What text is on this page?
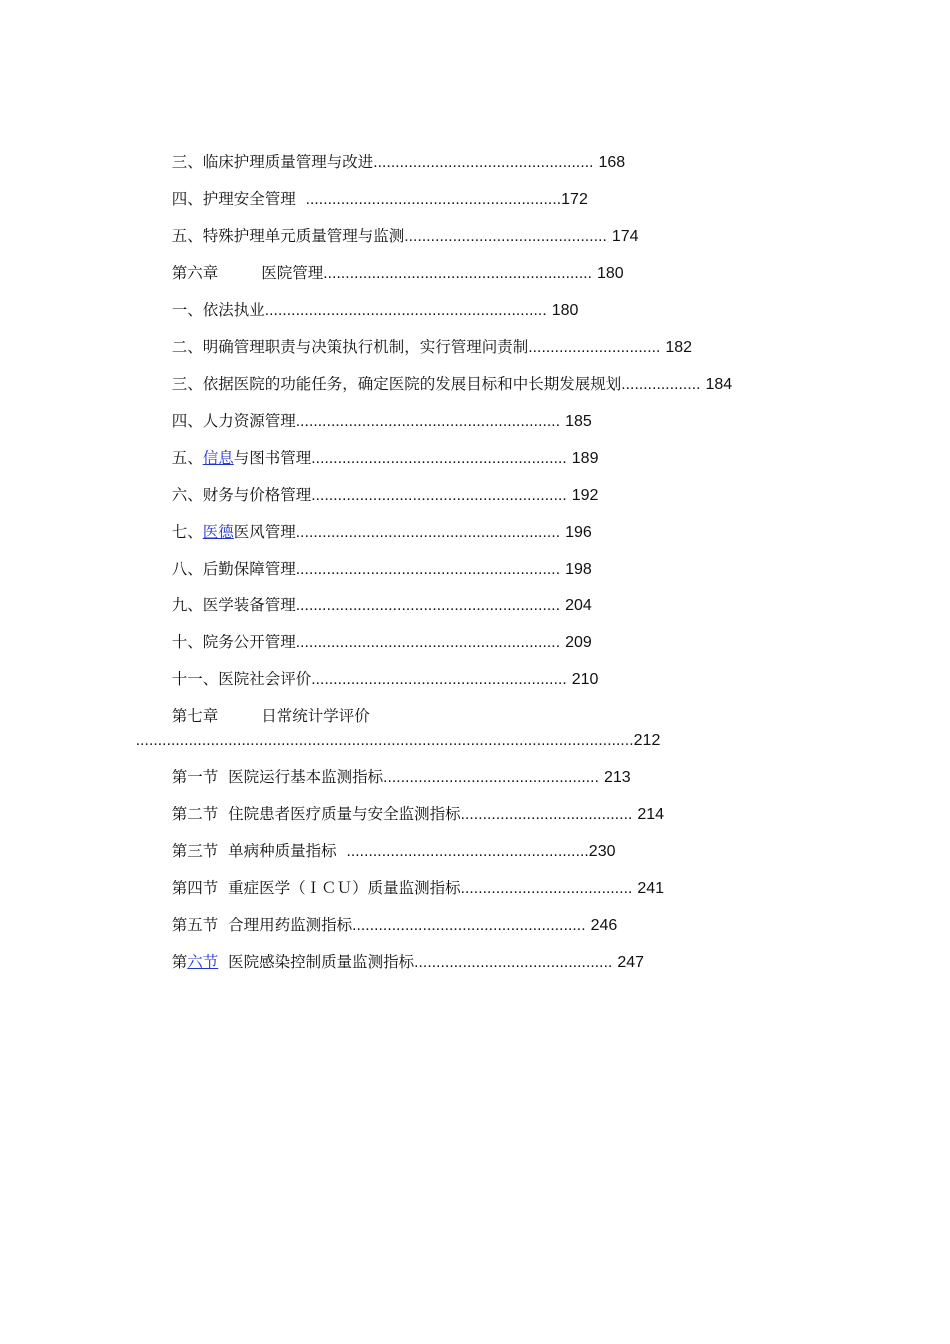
三、临床护理质量管理与改进.................................................. 168

四、护理安全管理  ..........................................................172

五、特殊护理单元质量管理与监测.............................................. 174

第六章	医院管理............................................................. 180

一、依法执业................................................................ 180

二、明确管理职责与决策执行机制，实行管理问责制.............................. 182

三、依据医院的功能任务，确定医院的发展目标和中长期发展规划.................. 184

四、人力资源管理............................................................ 185

五、信息与图书管理.......................................................... 189

六、财务与价格管理.......................................................... 192

七、医德医风管理............................................................ 196

八、后勤保障管理............................................................ 198

九、医学装备管理............................................................ 204

十、院务公开管理............................................................ 209

十一、医院社会评价.......................................................... 210

第七章	日常统计学评价

.................................................................................................................212

第一节  医院运行基本监测指标................................................. 213

第二节  住院患者医疗质量与安全监测指标....................................... 214

第三节  单病种质量指标  .......................................................230

第四节  重症医学（ＩＣＵ）质量监测指标....................................... 241

第五节  合理用药监测指标..................................................... 246

第六节  医院感染控制质量监测指标............................................. 247
